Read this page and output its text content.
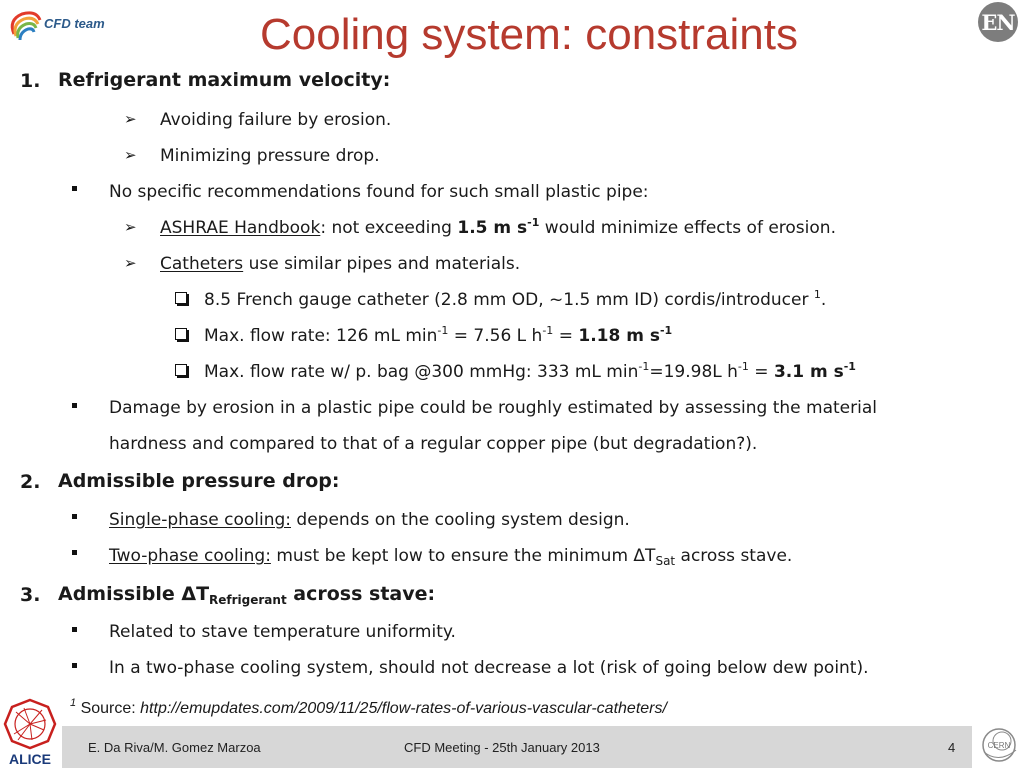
CFD team	Cooling system: constraints	EN
1. Refrigerant maximum velocity:
➢ Avoiding failure by erosion.
➢ Minimizing pressure drop.
No specific recommendations found for such small plastic pipe:
➢ ASHRAE Handbook: not exceeding 1.5 m $s^{-1}$ would minimize effects of erosion.
➢ Catheters use similar pipes and materials.
8.5 French gauge catheter (2.8 mm OD, ~1.5 mm ID) cordis/introducer $^1$.
Max. flow rate: 126 mL $\min^{-1} = 7.56$ L $h^{-1} = 1.18$ m $s^{-1}$
Max. flow rate w/ p. bag @300 mmHg: 333 mL $\min^{-1}=19.98L$ $h^{-1} = 3.1$ m $s^{-1}$
Damage by erosion in a plastic pipe could be roughly estimated by assessing the material
hardness and compared to that of a regular copper pipe (but degradation?).
2. Admissible pressure drop:
Single-phase cooling: depends on the cooling system design.
Two-phase cooling: must be kept low to ensure the minimum $\Delta T_{Sat}$ across stave.
3. Admissible $\Delta T_{Refrigerant}$ across stave:
Related to stave temperature uniformity.
In a two-phase cooling system, should not decrease a lot (risk of going below dew point).
$^1$ Source: http://emupdates.com/2009/11/25/flow-rates-of-various-vascular-catheters/
ALICE
E. Da Riva/M. Gomez Marzoa	CFD Meeting - 25th January 2013	4	CERN
